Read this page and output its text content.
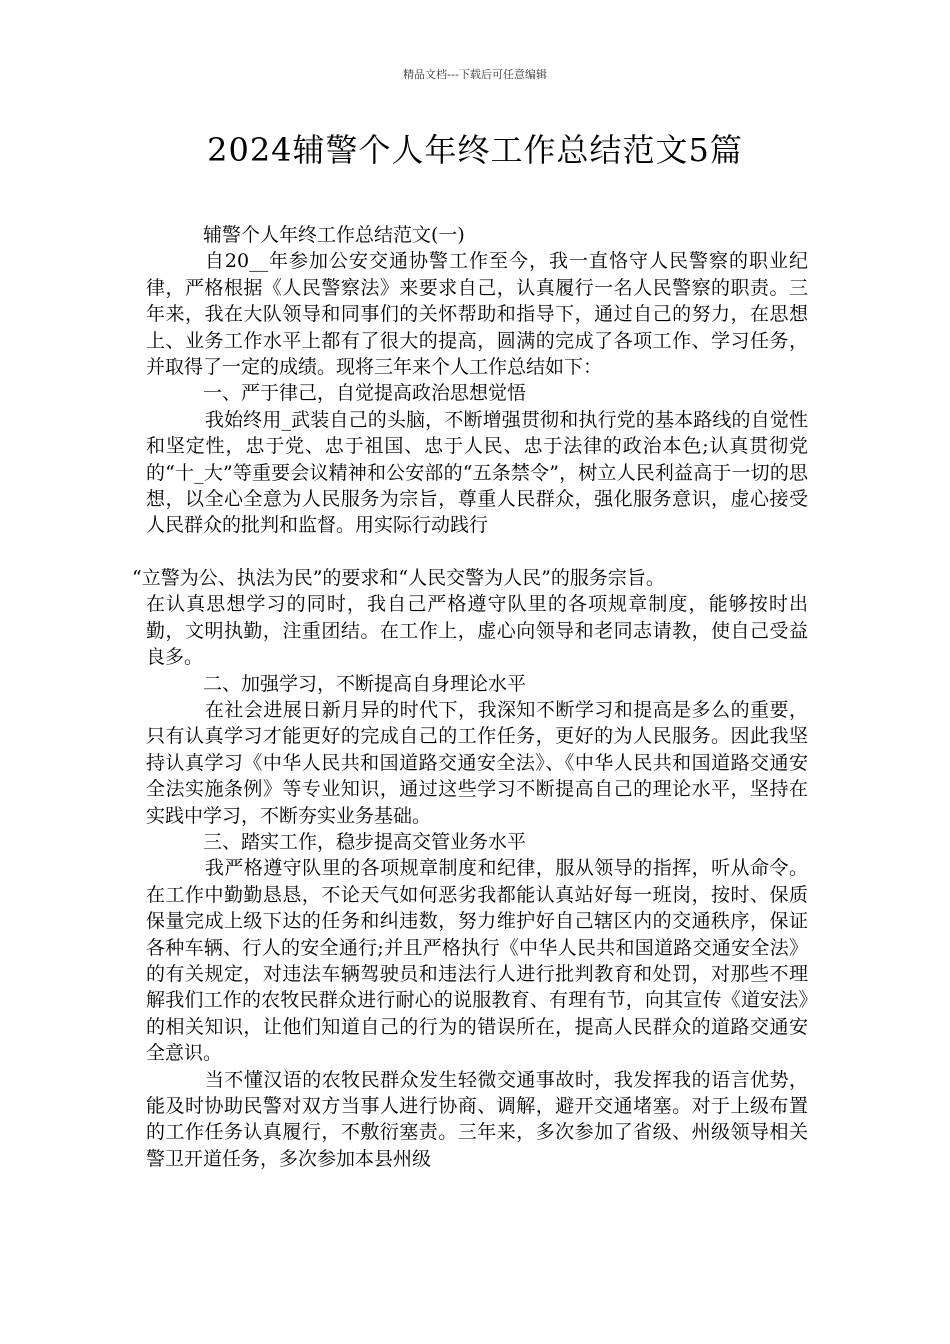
精品文档---下载后可任意编辑
2024辅警个人年终工作总结范文5篇

辅警个人年终工作总结范文(一)

自20__年参加公安交通协警工作至今，我一直恪守人民警察的职业纪律，严格根据《人民警察法》来要求自己，认真履行一名人民警察的职责。三年来，我在大队领导和同事们的关怀帮助和指导下，通过自己的努力，在思想上、业务工作水平上都有了很大的提高，圆满的完成了各项工作、学习任务，并取得了一定的成绩。现将三年来个人工作总结如下：

一、严于律己，自觉提高政治思想觉悟

我始终用_武装自己的头脑，不断增强贯彻和执行党的基本路线的自觉性和坚定性，忠于党、忠于祖国、忠于人民、忠于法律的政治本色;认真贯彻党的“十_大”等重要会议精神和公安部的“五条禁令”，树立人民利益高于一切的思想，以全心全意为人民服务为宗旨，尊重人民群众，强化服务意识，虚心接受人民群众的批判和监督。用实际行动践行

“立警为公、执法为民”的要求和“人民交警为人民”的服务宗旨。

在认真思想学习的同时，我自己严格遵守队里的各项规章制度，能够按时出勤，文明执勤，注重团结。在工作上，虚心向领导和老同志请教，使自己受益良多。

二、加强学习，不断提高自身理论水平

在社会进展日新月异的时代下，我深知不断学习和提高是多么的重要，只有认真学习才能更好的完成自己的工作任务，更好的为人民服务。因此我坚持认真学习《中华人民共和国道路交通安全法》、《中华人民共和国道路交通安全法实施条例》等专业知识，通过这些学习不断提高自己的理论水平，坚持在实践中学习，不断夯实业务基础。

三、踏实工作，稳步提高交管业务水平

我严格遵守队里的各项规章制度和纪律，服从领导的指挥，听从命令。在工作中勤勤恳恳，不论天气如何恶劣我都能认真站好每一班岗，按时、保质保量完成上级下达的任务和纠违数，努力维护好自己辖区内的交通秩序，保证各种车辆、行人的安全通行;并且严格执行《中华人民共和国道路交通安全法》的有关规定，对违法车辆驾驶员和违法行人进行批判教育和处罚，对那些不理解我们工作的农牧民群众进行耐心的说服教育、有理有节，向其宣传《道安法》的相关知识，让他们知道自己的行为的错误所在，提高人民群众的道路交通安全意识。

当不懂汉语的农牧民群众发生轻微交通事故时，我发挥我的语言优势，能及时协助民警对双方当事人进行协商、调解，避开交通堵塞。对于上级布置的工作任务认真履行，不敷衍塞责。三年来，多次参加了省级、州级领导相关警卫开道任务，多次参加本县州级
